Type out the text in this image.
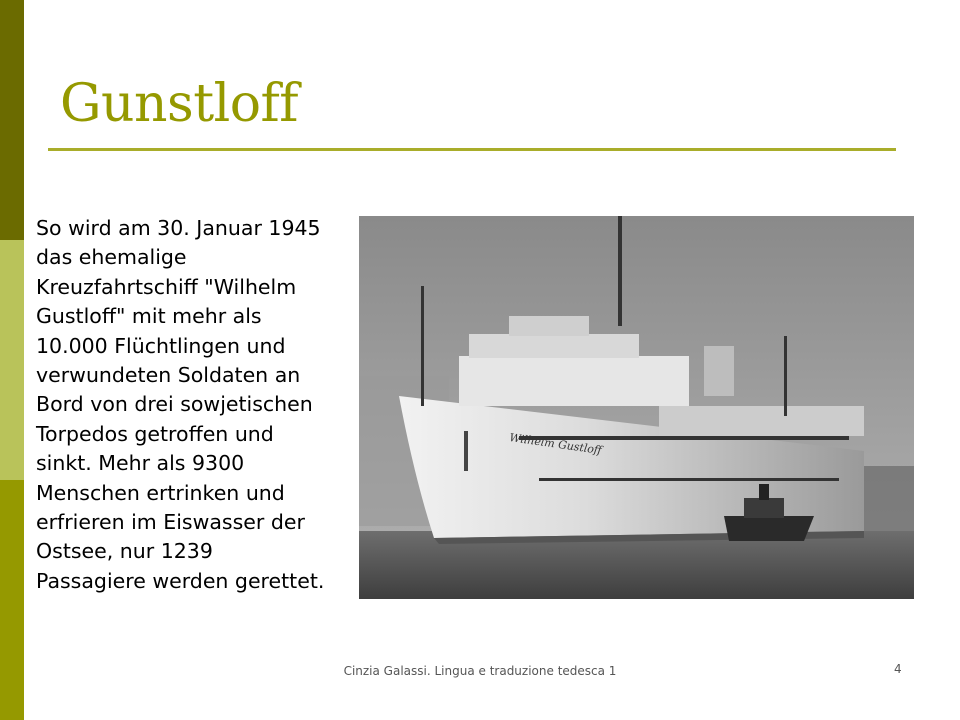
Gunstloff
So wird am 30. Januar 1945 das ehemalige Kreuzfahrtschiff "Wilhelm Gustloff" mit mehr als 10.000 Flüchtlingen und verwundeten Soldaten an Bord von drei sowjetischen Torpedos getroffen und sinkt. Mehr als 9300 Menschen ertrinken und erfrieren im Eiswasser der Ostsee, nur 1239 Passagiere werden gerettet.
Wilhelm Gustloff
Cinzia Galassi. Lingua e traduzione tedesca 1	4
